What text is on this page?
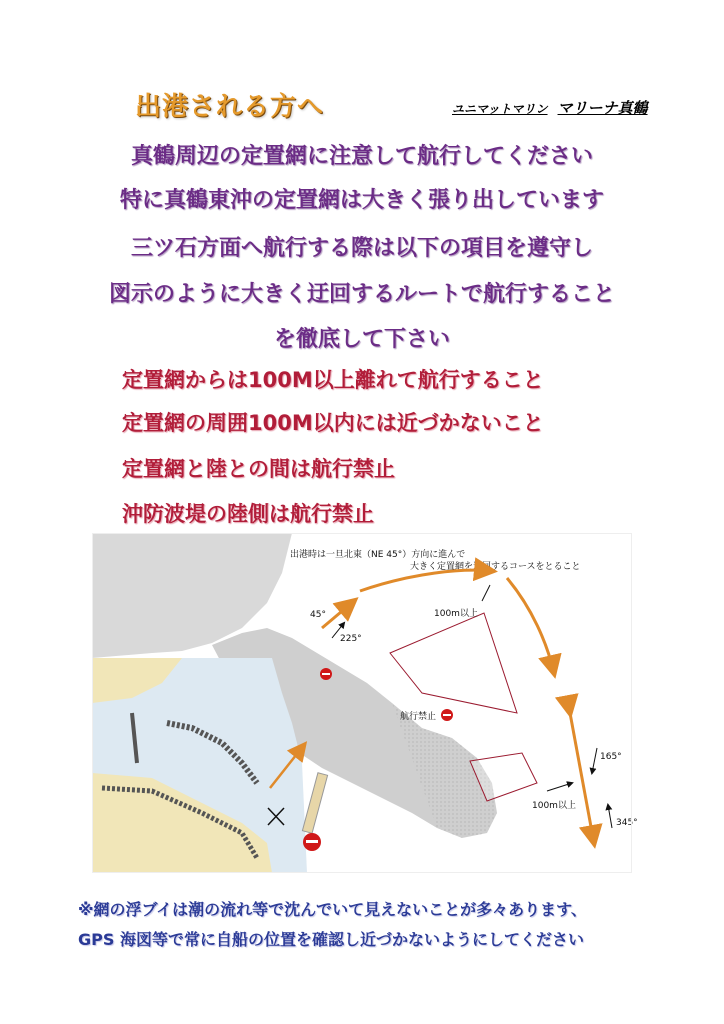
出港される方へ	ユニマットマリン マリーナ真鶴
真鶴周辺の定置網に注意して航行してください
特に真鶴東沖の定置網は大きく張り出しています
三ツ石方面へ航行する際は以下の項目を遵守し
図示のように大きく迂回するルートで航行すること
を徹底して下さい
定置網からは100M以上離れて航行すること
定置網の周囲100M以内には近づかないこと
定置網と陸との間は航行禁止
沖防波堤の陸側は航行禁止
出港時は一旦北東（NE 45°）方向に進んで
大きく定置網を迂回するコースをとること
45°
225°
165°
345°
100m以上
100m以上
航行禁止
※網の浮ブイは潮の流れ等で沈んでいて見えないことが多々あります、
GPS 海図等で常に自船の位置を確認し近づかないようにしてください
